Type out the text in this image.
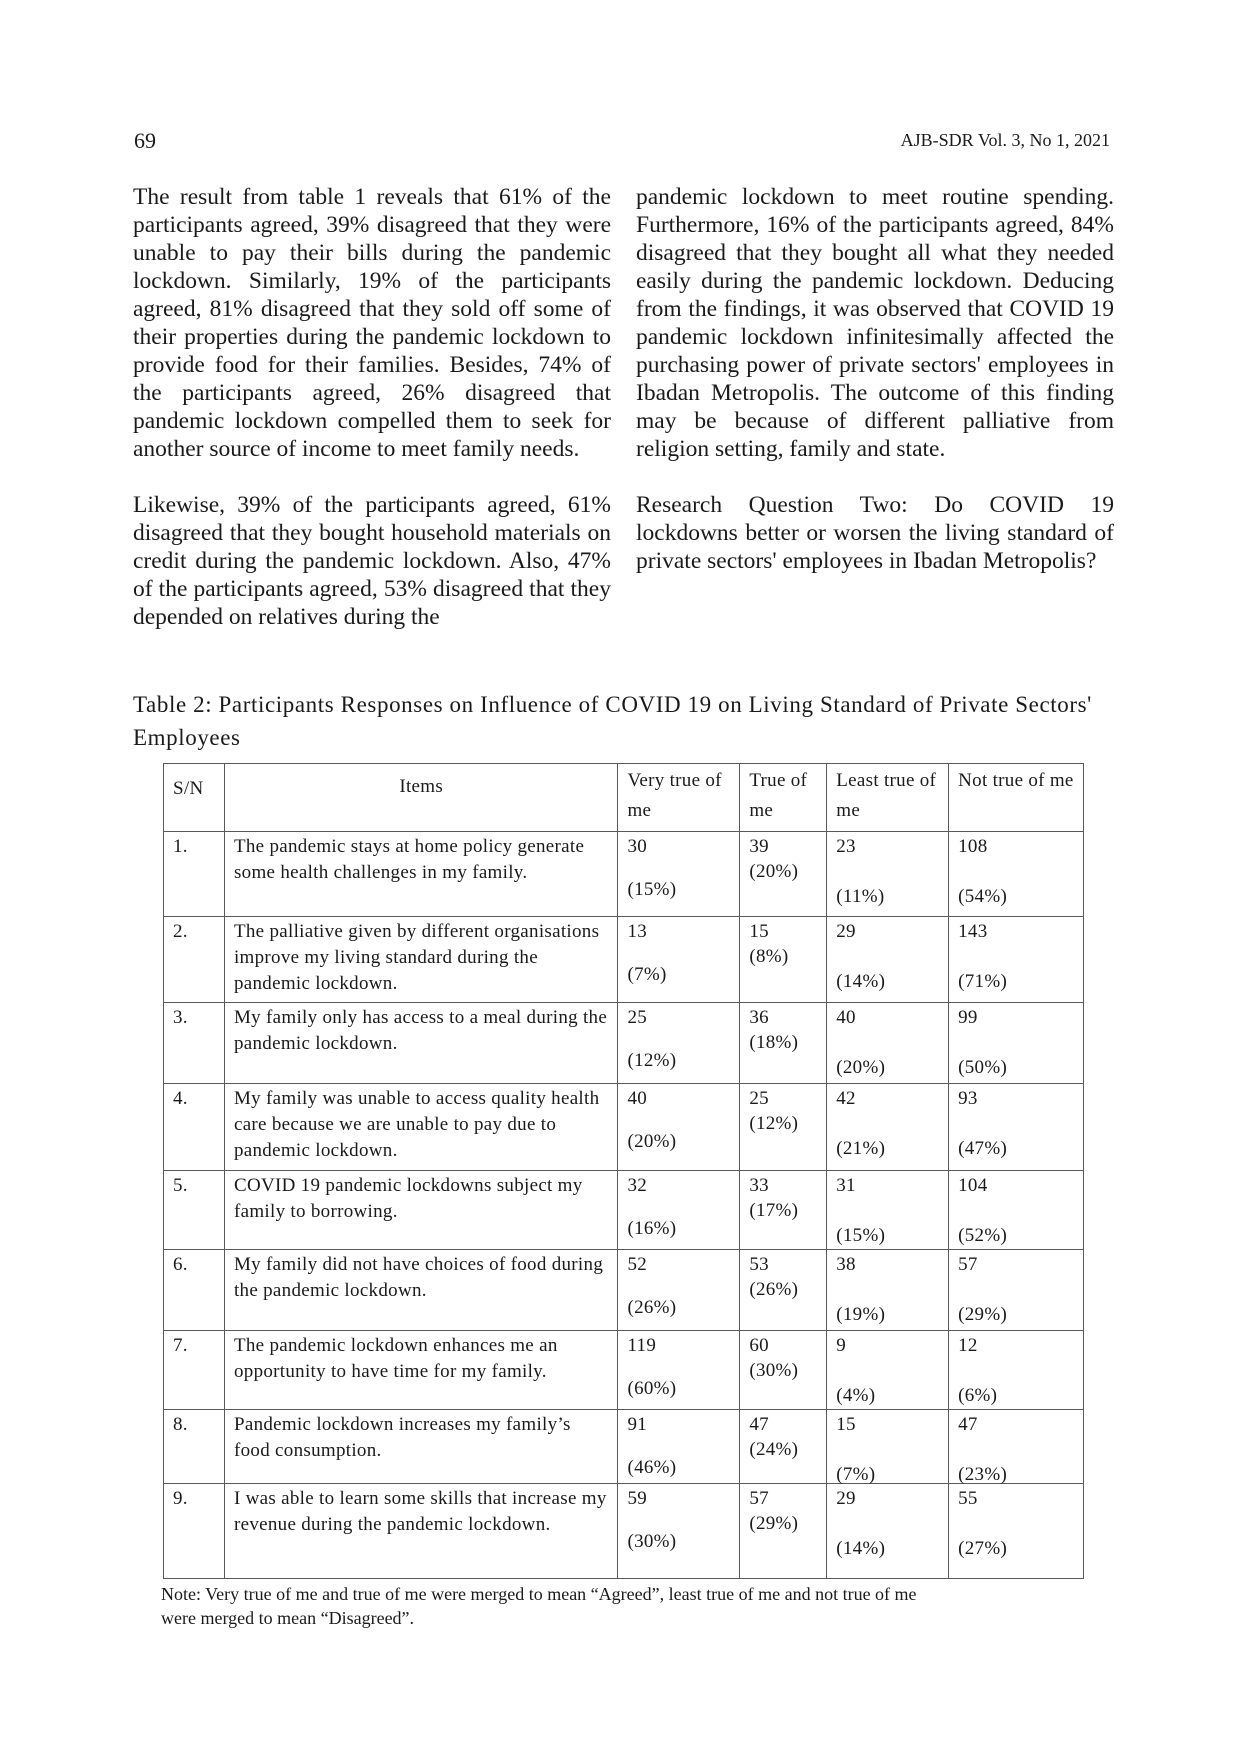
69	AJB-SDR Vol. 3, No 1, 2021

The result from table 1 reveals that 61% of the participants agreed, 39% disagreed that they were unable to pay their bills during the pandemic lockdown. Similarly, 19% of the participants agreed, 81% disagreed that they sold off some of their properties during the pandemic lockdown to provide food for their families. Besides, 74% of the participants agreed, 26% disagreed that pandemic lockdown compelled them to seek for another source of income to meet family needs.

Likewise, 39% of the participants agreed, 61% disagreed that they bought household materials on credit during the pandemic lockdown. Also, 47% of the participants agreed, 53% disagreed that they depended on relatives during the

pandemic lockdown to meet routine spending. Furthermore, 16% of the participants agreed, 84% disagreed that they bought all what they needed easily during the pandemic lockdown. Deducing from the findings, it was observed that COVID 19 pandemic lockdown infinitesimally affected the purchasing power of private sectors' employees in Ibadan Metropolis. The outcome of this finding may be because of different palliative from religion setting, family and state.

Research Question Two: Do COVID 19 lockdowns better or worsen the living standard of private sectors' employees in Ibadan Metropolis?

Table 2: Participants Responses on Influence of COVID 19 on Living Standard of Private Sectors' Employees
S/N	Items	Very true of me	True of me	Least true of me	Not true of me
1.	The pandemic stays at home policy generate some health challenges in my family.	30
(15%)	39
(20%)	23
(11%)	108
(54%)

2.	The palliative given by different organisations improve my living standard during the pandemic lockdown.	13
(7%)	15
(8%)	29
(14%)	143
(71%)

3.	My family only has access to a meal during the pandemic lockdown.	25
(12%)	36
(18%)	40
(20%)	99
(50%)

4.	My family was unable to access quality health care because we are unable to pay due to pandemic lockdown.	40
(20%)	25
(12%)	42
(21%)	93
(47%)

5.	COVID 19 pandemic lockdowns subject my family to borrowing.	32
(16%)	33
(17%)	31
(15%)	104
(52%)

6.	My family did not have choices of food during the pandemic lockdown.	52
(26%)	53
(26%)	38
(19%)	57
(29%)

7.	The pandemic lockdown enhances me an opportunity to have time for my family.	119
(60%)	60
(30%)	9
(4%)	12
(6%)

8.	Pandemic lockdown increases my family’s food consumption.	91
(46%)	47
(24%)	15
(7%)	47
(23%)

9.	I was able to learn some skills that increase my revenue during the pandemic lockdown.	59
(30%)	57
(29%)	29
(14%)	55
(27%)
Note: Very true of me and true of me were merged to mean “Agreed”, least true of me and not true of me were merged to mean “Disagreed”.
